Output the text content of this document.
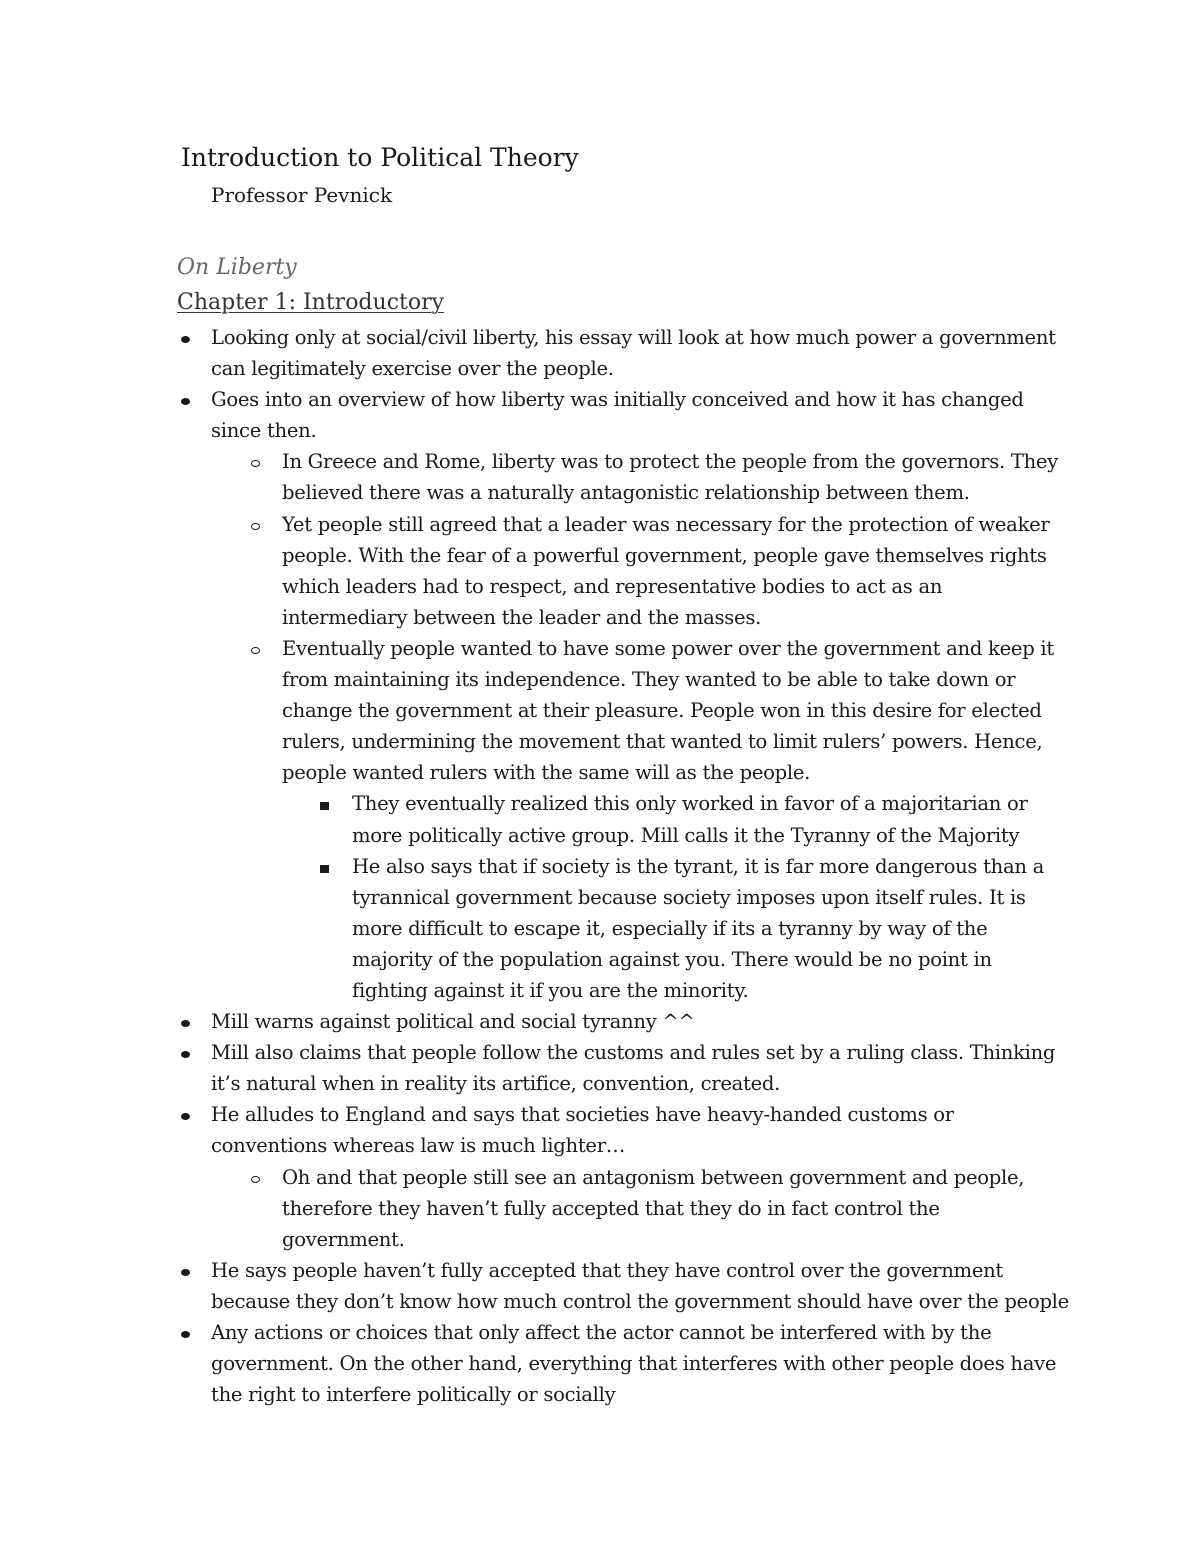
Introduction to Political Theory
Professor Pevnick
On Liberty
Chapter 1: Introductory
Looking only at social/civil liberty, his essay will look at how much power a government can legitimately exercise over the people.
Goes into an overview of how liberty was initially conceived and how it has changed since then.
In Greece and Rome, liberty was to protect the people from the governors. They believed there was a naturally antagonistic relationship between them.
Yet people still agreed that a leader was necessary for the protection of weaker people. With the fear of a powerful government, people gave themselves rights which leaders had to respect, and representative bodies to act as an intermediary between the leader and the masses.
Eventually people wanted to have some power over the government and keep it from maintaining its independence. They wanted to be able to take down or change the government at their pleasure. People won in this desire for elected rulers, undermining the movement that wanted to limit rulers’ powers. Hence, people wanted rulers with the same will as the people.
They eventually realized this only worked in favor of a majoritarian or more politically active group. Mill calls it the Tyranny of the Majority
He also says that if society is the tyrant, it is far more dangerous than a tyrannical government because society imposes upon itself rules. It is more difficult to escape it, especially if its a tyranny by way of the majority of the population against you. There would be no point in fighting against it if you are the minority.
Mill warns against political and social tyranny ^^
Mill also claims that people follow the customs and rules set by a ruling class. Thinking it’s natural when in reality its artifice, convention, created.
He alludes to England and says that societies have heavy-handed customs or conventions whereas law is much lighter…
Oh and that people still see an antagonism between government and people, therefore they haven’t fully accepted that they do in fact control the government.
He says people haven’t fully accepted that they have control over the government because they don’t know how much control the government should have over the people
Any actions or choices that only affect the actor cannot be interfered with by the government. On the other hand, everything that interferes with other people does have the right to interfere politically or socially
